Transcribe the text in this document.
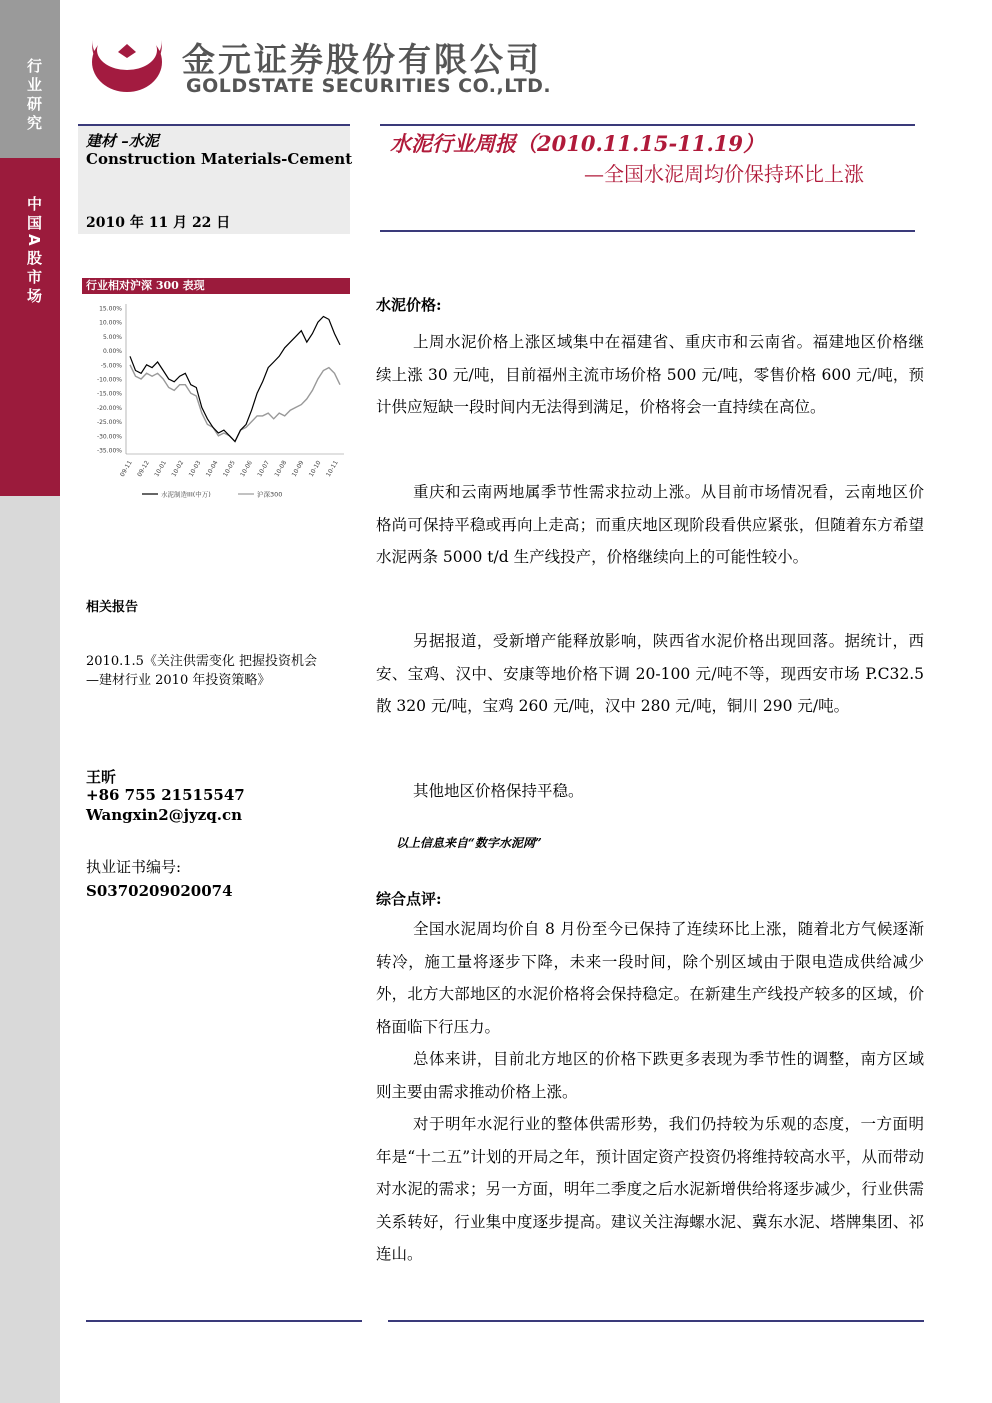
行业研究
中国A股市场
金元证券股份有限公司
GOLDSTATE SECURITIES CO.,LTD.
建材 –水泥
Construction Materials-Cement
2010 年 11 月 22 日
水泥行业周报（2010.11.15-11.19）
—全国水泥周均价保持环比上涨
行业相对沪深 300 表现
15.00%
10.00%
5.00%
0.00%
-5.00%
-10.00%
-15.00%
-20.00%
-25.00%
-30.00%
-35.00%
09-11 09-12 10-01 10-02 10-03 10-04 10-05 10-06 10-07 10-08 10-09 10-10 10-11
水泥制造III(中万)	沪深300
相关报告
2010.1.5《关注供需变化 把握投资机会
—建材行业 2010 年投资策略》
王昕
+86 755 21515547
Wangxin2@jyzq.cn
执业证书编号:
S0370209020074
水泥价格:

上周水泥价格上涨区域集中在福建省、重庆市和云南省。福建地区价格继续上涨 30 元/吨，目前福州主流市场价格 500 元/吨，零售价格 600 元/吨，预计供应短缺一段时间内无法得到满足，价格将会一直持续在高位。

重庆和云南两地属季节性需求拉动上涨。从目前市场情况看，云南地区价格尚可保持平稳或再向上走高；而重庆地区现阶段看供应紧张，但随着东方希望水泥两条 5000 t/d 生产线投产，价格继续向上的可能性较小。

另据报道，受新增产能释放影响，陕西省水泥价格出现回落。据统计，西安、宝鸡、汉中、安康等地价格下调 20-100 元/吨不等，现西安市场 P.C32.5 散 320 元/吨，宝鸡 260 元/吨，汉中 280 元/吨，铜川 290 元/吨。

其他地区价格保持平稳。

以上信息来自“数字水泥网”
综合点评:

全国水泥周均价自 8 月份至今已保持了连续环比上涨，随着北方气候逐渐转冷，施工量将逐步下降，未来一段时间，除个别区域由于限电造成供给减少外，北方大部地区的水泥价格将会保持稳定。在新建生产线投产较多的区域，价格面临下行压力。

总体来讲，目前北方地区的价格下跌更多表现为季节性的调整，南方区域则主要由需求推动价格上涨。

对于明年水泥行业的整体供需形势，我们仍持较为乐观的态度，一方面明年是“十二五”计划的开局之年，预计固定资产投资仍将维持较高水平，从而带动对水泥的需求；另一方面，明年二季度之后水泥新增供给将逐步减少，行业供需关系转好，行业集中度逐步提高。建议关注海螺水泥、冀东水泥、塔牌集团、祁连山。
